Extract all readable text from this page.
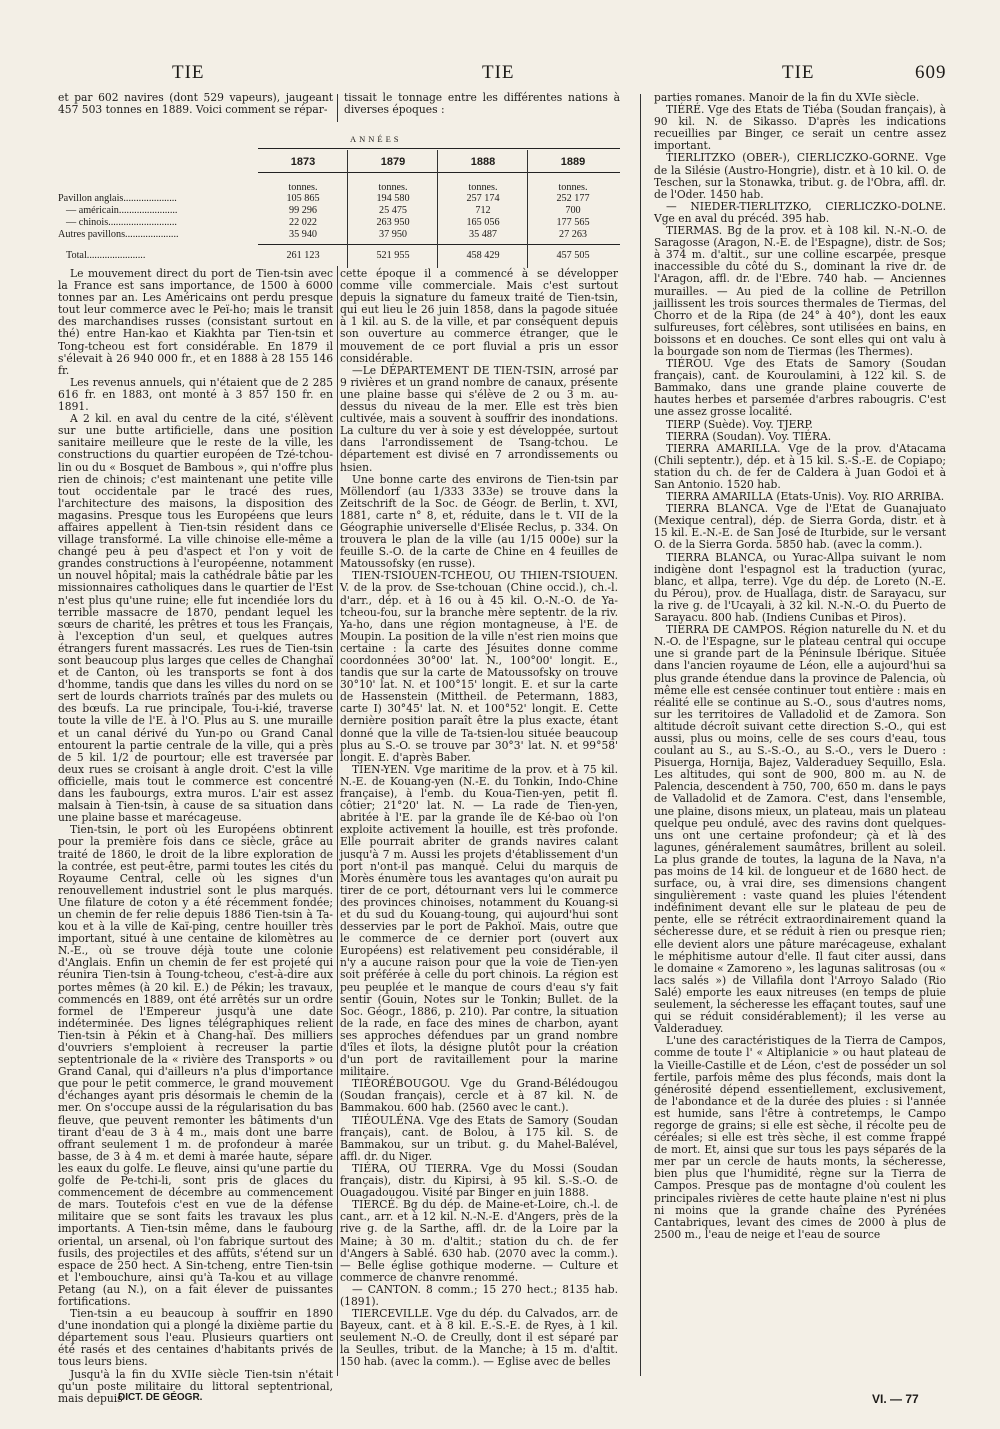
TIE	TIE	TIE	609

et par 602 navires (dont 529 vapeurs), jaugeant 457 503 tonnes en 1889. Voici comment se répar-

tissait le tonnage entre les différentes nations à diverses époques :

ANNÉES
1873	1879	1888	1889
tonnes.	tonnes.	tonnes.	tonnes.
Pavillon anglais.....................	105 865	194 580	257 174	252 177
— américain.......................	99 296	25 475	712	700
— chinois...........................	22 022	263 950	165 056	177 565
Autres pavillons.....................	35 940	37 950	35 487	27 263
Total.......................	261 123	521 955	458 429	457 505

Le mouvement direct du port de Tien-tsin avec la France est sans importance, de 1500 à 6000 tonnes par an. Les Américains ont perdu presque tout leur commerce avec le Peï-ho; mais le transit des marchandises russes (consistant surtout en thé) entre Han-kao et Kiakhta par Tien-tsin et Tong-tcheou est fort considérable. En 1879 il s'élevait à 26 940 000 fr., et en 1888 à 28 155 146 fr.

Les revenus annuels, qui n'étaient que de 2 285 616 fr. en 1883, ont monté à 3 857 150 fr. en 1891.

A 2 kil. en aval du centre de la cité, s'élèvent sur une butte artificielle, dans une position sanitaire meilleure que le reste de la ville, les constructions du quartier européen de Tzé-tchou-lin ou du « Bosquet de Bambous », qui n'offre plus rien de chinois; c'est maintenant une petite ville tout occidentale par le tracé des rues, l'architecture des maisons, la disposition des magasins. Presque tous les Européens que leurs affaires appellent à Tien-tsin résident dans ce village transformé. La ville chinoise elle-même a changé peu à peu d'aspect et l'on y voit de grandes constructions à l'européenne, notamment un nouvel hôpital; mais la cathédrale bâtie par les missionnaires catholiques dans le quartier de l'Est n'est plus qu'une ruine; elle fut incendiée lors du terrible massacre de 1870, pendant lequel les sœurs de charité, les prêtres et tous les Français, à l'exception d'un seul, et quelques autres étrangers furent massacrés. Les rues de Tien-tsin sont beaucoup plus larges que celles de Changhaï et de Canton, où les transports se font à dos d'homme, tandis que dans les villes du nord on se sert de lourds charriots traînés par des mulets ou des bœufs. La rue principale, Tou-i-kié, traverse toute la ville de l'E. à l'O. Plus au S. une muraille et un canal dérivé du Yun-po ou Grand Canal entourent la partie centrale de la ville, qui a près de 5 kil. 1/2 de pourtour; elle est traversée par deux rues se croisant à angle droit. C'est la ville officielle, mais tout le commerce est concentré dans les faubourgs, extra muros. L'air est assez malsain à Tien-tsin, à cause de sa situation dans une plaine basse et marécageuse.

Tien-tsin, le port où les Européens obtinrent pour la première fois dans ce siècle, grâce au traité de 1860, le droit de la libre exploration de la contrée, est peut-être, parmi toutes les cités du Royaume Central, celle où les signes d'un renouvellement industriel sont le plus marqués. Une filature de coton y a été récemment fondée; un chemin de fer relie depuis 1886 Tien-tsin à Ta-kou et à la ville de Kaï-ping, centre houiller très important, situé à une centaine de kilomètres au N.-E., où se trouve déjà toute une colonie d'Anglais. Enfin un chemin de fer est projeté qui réunira Tien-tsin à Toung-tcheou, c'est-à-dire aux portes mêmes (à 20 kil. E.) de Pékin; les travaux, commencés en 1889, ont été arrêtés sur un ordre formel de l'Empereur jusqu'à une date indéterminée. Des lignes télégraphiques relient Tien-tsin à Pékin et à Chang-haï. Des milliers d'ouvriers s'emploient à recreuser la partie septentrionale de la « rivière des Transports » ou Grand Canal, qui d'ailleurs n'a plus d'importance que pour le petit commerce, le grand mouvement d'échanges ayant pris désormais le chemin de la mer. On s'occupe aussi de la régularisation du bas fleuve, que peuvent remonter les bâtiments d'un tirant d'eau de 3 à 4 m., mais dont une barre offrant seulement 1 m. de profondeur à marée basse, de 3 à 4 m. et demi à marée haute, sépare les eaux du golfe. Le fleuve, ainsi qu'une partie du golfe de Pe-tchi-li, sont pris de glaces du commencement de décembre au commencement de mars. Toutefois c'est en vue de la défense militaire que se sont faits les travaux les plus importants. A Tien-tsin même, dans le faubourg oriental, un arsenal, où l'on fabrique surtout des fusils, des projectiles et des affûts, s'étend sur un espace de 250 hect. A Sin-tcheng, entre Tien-tsin et l'embouchure, ainsi qu'à Ta-kou et au village Petang (au N.), on a fait élever de puissantes fortifications.

Tien-tsin a eu beaucoup à souffrir en 1890 d'une inondation qui a plongé la dixième partie du département sous l'eau. Plusieurs quartiers ont été rasés et des centaines d'habitants privés de tous leurs biens.

Jusqu'à la fin du XVIIe siècle Tien-tsin n'était qu'un poste militaire du littoral septentrional, mais depuis

cette époque il a commencé à se développer comme ville commerciale. Mais c'est surtout depuis la signature du fameux traité de Tien-tsin, qui eut lieu le 26 juin 1858, dans la pagode située à 1 kil. au S. de la ville, et par conséquent depuis son ouverture au commerce étranger, que le mouvement de ce port fluvial a pris un essor considérable.

—Le DÉPARTEMENT DE TIEN-TSIN, arrosé par 9 rivières et un grand nombre de canaux, présente une plaine basse qui s'élève de 2 ou 3 m. au-dessus du niveau de la mer. Elle est très bien cultivée, mais a souvent à souffrir des inondations. La culture du ver à soie y est développée, surtout dans l'arrondissement de Tsang-tchou. Le département est divisé en 7 arrondissements ou hsien.

Une bonne carte des environs de Tien-tsin par Möllendorf (au 1/333 333e) se trouve dans la Zeitschrift de la Soc. de Géogr. de Berlin, t. XVI, 1881, carte n° 8, et, réduite, dans le t. VII de la Géographie universelle d'Elisée Reclus, p. 334. On trouvera le plan de la ville (au 1/15 000e) sur la feuille S.-O. de la carte de Chine en 4 feuilles de Matoussofsky (en russe).

TIEN-TSIOUEN-TCHEOU, OU THIEN-TSIOUEN. V. de la prov. de Sse-tchouan (Chine occid.), ch.-l. d'arr., dép. et à 16 ou à 45 kil. O.-N.-O. de Ya-tcheou-fou, sur la branche mère septentr. de la riv. Ya-ho, dans une région montagneuse, à l'E. de Moupin. La position de la ville n'est rien moins que certaine : la carte des Jésuites donne comme coordonnées 30°00' lat. N., 100°00' longit. E., tandis que sur la carte de Matoussofsky on trouve 30°10' lat. N. et 100°15' longit. E. et sur la carte de Hassenstein (Mittheil. de Petermann, 1883, carte I) 30°45' lat. N. et 100°52' longit. E. Cette dernière position paraît être la plus exacte, étant donné que la ville de Ta-tsien-lou située beaucoup plus au S.-O. se trouve par 30°3' lat. N. et 99°58' longit. E. d'après Baber.

TIEN-YEN. Vge maritime de la prov. et à 75 kil. N.-E. de Kouang-yen (N.-E. du Tonkin, Indo-Chine française), à l'emb. du Koua-Tien-yen, petit fl. côtier; 21°20' lat. N. — La rade de Tien-yen, abritée à l'E. par la grande île de Ké-bao où l'on exploite activement la houille, est très profonde. Elle pourrait abriter de grands navires calant jusqu'à 7 m. Aussi les projets d'établissement d'un port n'ont-il pas manqué. Celui du marquis de Morès énumère tous les avantages qu'on aurait pu tirer de ce port, détournant vers lui le commerce des provinces chinoises, notamment du Kouang-si et du sud du Kouang-toung, qui aujourd'hui sont desservies par le port de Pakhoï. Mais, outre que le commerce de ce dernier port (ouvert aux Européens) est relativement peu considérable, il n'y a aucune raison pour que la voie de Tien-yen soit préférée à celle du port chinois. La région est peu peuplée et le manque de cours d'eau s'y fait sentir (Gouin, Notes sur le Tonkin; Bullet. de la Soc. Géogr., 1886, p. 210). Par contre, la situation de la rade, en face des mines de charbon, ayant ses approches défendues par un grand nombre d'îles et îlots, la désigne plutôt pour la création d'un port de ravitaillement pour la marine militaire.

TIÉORÉBOUGOU. Vge du Grand-Bélédougou (Soudan français), cercle et à 87 kil. N. de Bammakou. 600 hab. (2560 avec le cant.).

TIÉOULÉNA. Vge des Etats de Samory (Soudan français), cant. de Bolou, à 175 kil. S. de Bammakou, sur un tribut. g. du Mahel-Balével, affl. dr. du Niger.

TIÉRA, OU TIERRA. Vge du Mossi (Soudan français), distr. du Kipirsi, à 95 kil. S.-S.-O. de Ouagadougou. Visité par Binger en juin 1888.

TIERCÉ. Bg du dép. de Maine-et-Loire, ch.-l. de cant., arr. et à 12 kil. N.-N.-E. d'Angers, près de la rive g. de la Sarthe, affl. dr. de la Loire par la Maine; à 30 m. d'altit.; station du ch. de fer d'Angers à Sablé. 630 hab. (2070 avec la comm.). — Belle église gothique moderne. — Culture et commerce de chanvre renommé.

— CANTON. 8 comm.; 15 270 hect.; 8135 hab. (1891).

TIERCEVILLE. Vge du dép. du Calvados, arr. de Bayeux, cant. et à 8 kil. E.-S.-E. de Ryes, à 1 kil. seulement N.-O. de Creully, dont il est séparé par la Seulles, tribut. de la Manche; à 15 m. d'altit. 150 hab. (avec la comm.). — Eglise avec de belles

parties romanes. Manoir de la fin du XVIe siècle.

TIÉRÉ. Vge des Etats de Tiéba (Soudan français), à 90 kil. N. de Sikasso. D'après les indications recueillies par Binger, ce serait un centre assez important.

TIERLITZKO (OBER-), CIERLICZKO-GORNE. Vge de la Silésie (Austro-Hongrie), distr. et à 10 kil. O. de Teschen, sur la Stonawka, tribut. g. de l'Obra, affl. dr. de l'Oder. 1450 hab.

— NIEDER-TIERLITZKO, CIERLICZKO-DOLNE. Vge en aval du précéd. 395 hab.

TIERMAS. Bg de la prov. et à 108 kil. N.-N.-O. de Saragosse (Aragon, N.-E. de l'Espagne), distr. de Sos; à 374 m. d'altit., sur une colline escarpée, presque inaccessible du côté du S., dominant la rive dr. de l'Aragon, affl. dr. de l'Ebre. 740 hab. — Anciennes murailles. — Au pied de la colline de Petrillon jaillissent les trois sources thermales de Tiermas, del Chorro et de la Ripa (de 24° à 40°), dont les eaux sulfureuses, fort célèbres, sont utilisées en bains, en boissons et en douches. Ce sont elles qui ont valu à la bourgade son nom de Tiermas (les Thermes).

TIÉROU. Vge des Etats de Samory (Soudan français), cant. de Kouroulamini, à 122 kil. S. de Bammako, dans une grande plaine couverte de hautes herbes et parsemée d'arbres rabougris. C'est une assez grosse localité.

TIERP (Suède). Voy. TJERP.

TIERRA (Soudan). Voy. TIÉRA.

TIERRA AMARILLA. Vge de la prov. d'Atacama (Chili septentr.), dép. et à 15 kil. S.-S.-E. de Copiapo; station du ch. de fer de Caldera à Juan Godoi et à San Antonio. 1520 hab.

TIERRA AMARILLA (Etats-Unis). Voy. RIO ARRIBA.

TIERRA BLANCA. Vge de l'Etat de Guanajuato (Mexique central), dép. de Sierra Gorda, distr. et à 15 kil. E.-N.-E. de San José de Iturbide, sur le versant O. de la Sierra Gorda. 5850 hab. (avec la comm.).

TIERRA BLANCA, ou Yurac-Allpa suivant le nom indigène dont l'espagnol est la traduction (yurac, blanc, et allpa, terre). Vge du dép. de Loreto (N.-E. du Pérou), prov. de Huallaga, distr. de Sarayacu, sur la rive g. de l'Ucayali, à 32 kil. N.-N.-O. du Puerto de Sarayacu. 800 hab. (Indiens Cunibas et Piros).

TIERRA DE CAMPOS. Région naturelle du N. et du N.-O. de l'Espagne, sur le plateau central qui occupe une si grande part de la Péninsule Ibérique. Située dans l'ancien royaume de Léon, elle a aujourd'hui sa plus grande étendue dans la province de Palencia, où même elle est censée continuer tout entière : mais en réalité elle se continue au S.-O., sous d'autres noms, sur les territoires de Valladolid et de Zamora. Son altitude décroît suivant cette direction S.-O., qui est aussi, plus ou moins, celle de ses cours d'eau, tous coulant au S., au S.-S.-O., au S.-O., vers le Duero : Pisuerga, Hornija, Bajez, Valderaduey Sequillo, Esla. Les altitudes, qui sont de 900, 800 m. au N. de Palencia, descendent à 750, 700, 650 m. dans le pays de Valladolid et de Zamora. C'est, dans l'ensemble, une plaine, disons mieux, un plateau, mais un plateau quelque peu ondulé, avec des ravins dont quelques-uns ont une certaine profondeur; çà et là des lagunes, généralement saumâtres, brillent au soleil. La plus grande de toutes, la laguna de la Nava, n'a pas moins de 14 kil. de longueur et de 1680 hect. de surface, ou, à vrai dire, ses dimensions changent singulièrement : vaste quand les pluies l'étendent indéfiniment devant elle sur le plateau de peu de pente, elle se rétrécit extraordinairement quand la sécheresse dure, et se réduit à rien ou presque rien; elle devient alors une pâture marécageuse, exhalant le méphitisme autour d'elle. Il faut citer aussi, dans le domaine « Zamoreno », les lagunas salitrosas (ou « lacs salés ») de Villafila dont l'Arroyo Salado (Rio Salé) emporte les eaux nitreuses (en temps de pluie seulement, la sécheresse les effaçant toutes, sauf une qui se réduit considérablement); il les verse au Valderaduey.

L'une des caractéristiques de la Tierra de Campos, comme de toute l' « Altiplanicie » ou haut plateau de la Vieille-Castille et de Léon, c'est de posséder un sol fertile, parfois même des plus féconds, mais dont la générosité dépend essentiellement, exclusivement, de l'abondance et de la durée des pluies : si l'année est humide, sans l'être à contretemps, le Campo regorge de grains; si elle est sèche, il récolte peu de céréales; si elle est très sèche, il est comme frappé de mort. Et, ainsi que sur tous les pays séparés de la mer par un cercle de hauts monts, la sécheresse, bien plus que l'humidité, règne sur la Tierra de Campos. Presque pas de montagne d'où coulent les principales rivières de cette haute plaine n'est ni plus ni moins que la grande chaîne des Pyrénées Cantabriques, levant des cimes de 2000 à plus de 2500 m., l'eau de neige et l'eau de source

DICT. DE GÉOGR.	VI. — 77
